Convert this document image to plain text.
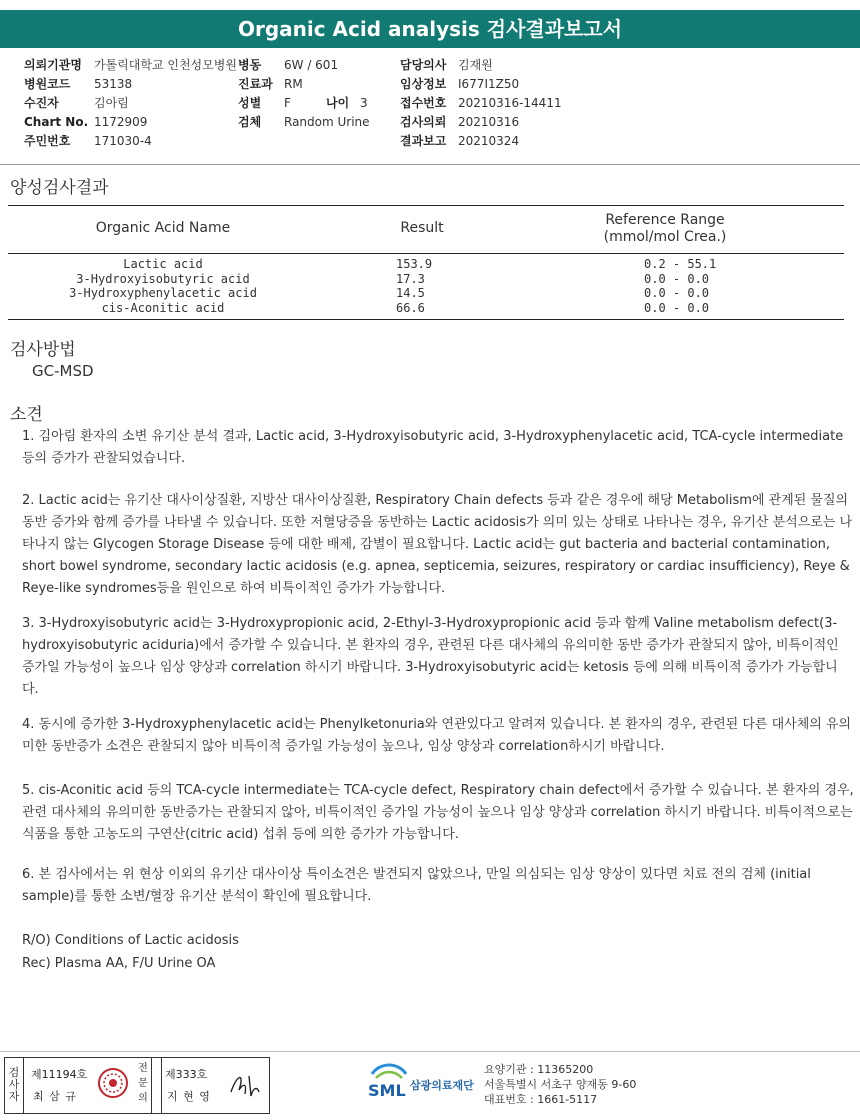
Organic Acid analysis 검사결과보고서
의뢰기관명 가톨릭대학교 인천성모병원
병원코드 53138
수진자	김아림
Chart No. 1172909
주민번호 171030-4
병동 6W / 601
진료과 RM
성별 F	나이 3
검체 Random Urine
담당의사 김재원
임상정보 I677I1Z50
접수번호 20210316-14411
검사의뢰 20210316
결과보고 20210324
양성검사결과
Organic Acid Name	Result	Reference Range
(mmol/mol Crea.)
Lactic acid	153.9	0.2 - 55.1
3-Hydroxyisobutyric acid	17.3	0.0 - 0.0
3-Hydroxyphenylacetic acid	14.5	0.0 - 0.0
cis-Aconitic acid	66.6	0.0 - 0.0
검사방법
GC-MSD
소견
1. 김아림 환자의 소변 유기산 분석 결과, Lactic acid, 3-Hydroxyisobutyric acid, 3-Hydroxyphenylacetic acid, TCA-cycle intermediate 등의 증가가 관찰되었습니다.
2. Lactic acid는 유기산 대사이상질환, 지방산 대사이상질환, Respiratory Chain defects 등과 같은 경우에 해당 Metabolism에 관계된 물질의 동반 증가와 함께 증가를 나타낼 수 있습니다. 또한 저혈당증을 동반하는 Lactic acidosis가 의미 있는 상태로 나타나는 경우, 유기산 분석으로는 나타나지 않는 Glycogen Storage Disease 등에 대한 배제, 감별이 필요합니다. Lactic acid는 gut bacteria and bacterial contamination, short bowel syndrome, secondary lactic acidosis (e.g. apnea, septicemia, seizures, respiratory or cardiac insufficiency), Reye & Reye-like syndromes등을 원인으로 하여 비특이적인 증가가 가능합니다.
3. 3-Hydroxyisobutyric acid는 3-Hydroxypropionic acid, 2-Ethyl-3-Hydroxypropionic acid 등과 함께 Valine metabolism defect(3-hydroxyisobutyric aciduria)에서 증가할 수 있습니다. 본 환자의 경우, 관련된 다른 대사체의 유의미한 동반 증가가 관찰되지 않아, 비특이적인 증가일 가능성이 높으나 임상 양상과 correlation 하시기 바랍니다. 3-Hydroxyisobutyric acid는 ketosis 등에 의해 비특이적 증가가 가능합니다.
4. 동시에 증가한 3-Hydroxyphenylacetic acid는 Phenylketonuria와 연관있다고 알려져 있습니다. 본 환자의 경우, 관련된 다른 대사체의 유의미한 동반증가 소견은 관찰되지 않아 비특이적 증가일 가능성이 높으나, 임상 양상과 correlation하시기 바랍니다.
5. cis-Aconitic acid 등의 TCA-cycle intermediate는 TCA-cycle defect, Respiratory chain defect에서 증가할 수 있습니다. 본 환자의 경우, 관련 대사체의 유의미한 동반증가는 관찰되지 않아, 비특이적인 증가일 가능성이 높으나 임상 양상과 correlation 하시기 바랍니다. 비특이적으로는 식품을 통한 고농도의 구연산(citric acid) 섭취 등에 의한 증가가 가능합니다.
6. 본 검사에서는 위 현상 이외의 유기산 대사이상 특이소견은 발견되지 않았으나, 만일 의심되는 임상 양상이 있다면 치료 전의 검체 (initial sample)를 통한 소변/혈장 유기산 분석이 확인에 필요합니다.
R/O) Conditions of Lactic acidosis
Rec) Plasma AA, F/U Urine OA
검사자
제11194호
최 삼 규
전문의
제333호
지 현 영	SML 삼광의료재단
요양기관 : 11365200
서울특별시 서초구 양재동 9-60
대표번호 : 1661-5117
